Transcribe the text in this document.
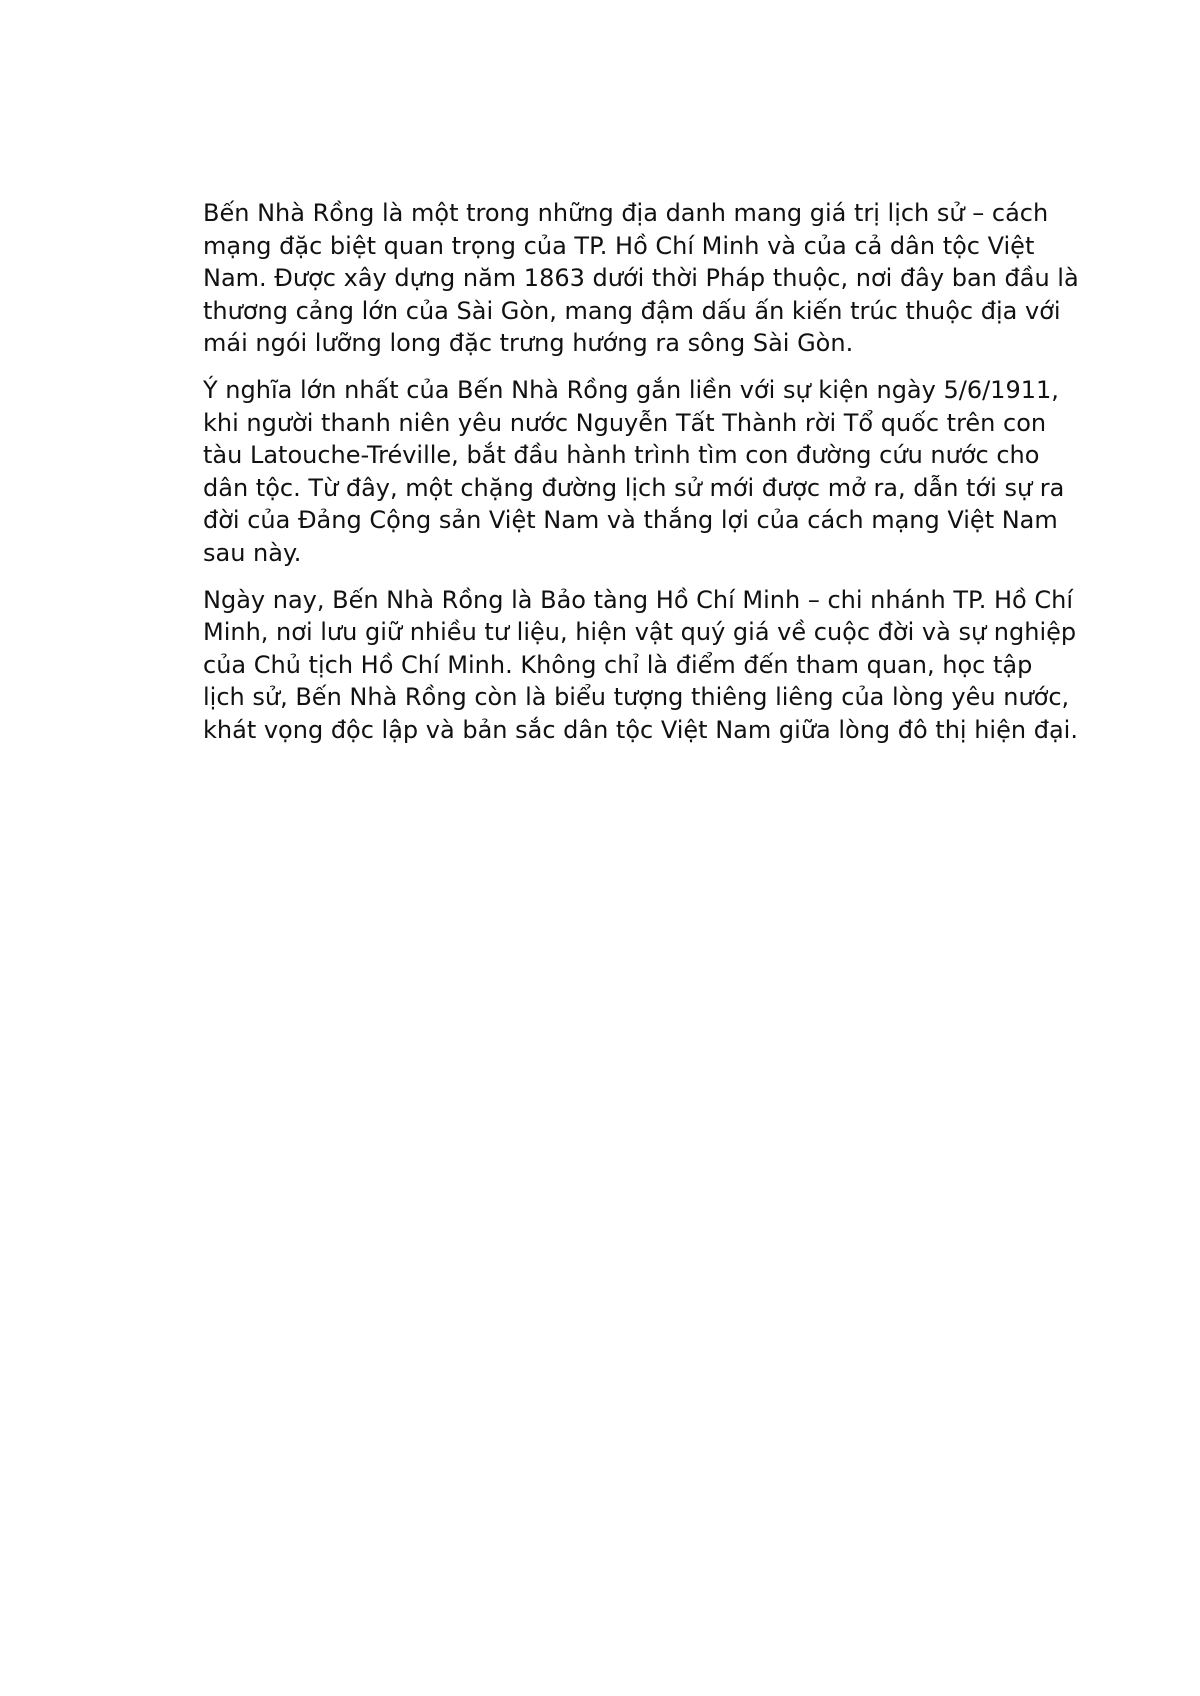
Bến Nhà Rồng là một trong những địa danh mang giá trị lịch sử – cách
mạng đặc biệt quan trọng của TP. Hồ Chí Minh và của cả dân tộc Việt
Nam. Được xây dựng năm 1863 dưới thời Pháp thuộc, nơi đây ban đầu là
thương cảng lớn của Sài Gòn, mang đậm dấu ấn kiến trúc thuộc địa với
mái ngói lưỡng long đặc trưng hướng ra sông Sài Gòn.

Ý nghĩa lớn nhất của Bến Nhà Rồng gắn liền với sự kiện ngày 5/6/1911,
khi người thanh niên yêu nước Nguyễn Tất Thành rời Tổ quốc trên con
tàu Latouche-Tréville, bắt đầu hành trình tìm con đường cứu nước cho
dân tộc. Từ đây, một chặng đường lịch sử mới được mở ra, dẫn tới sự ra
đời của Đảng Cộng sản Việt Nam và thắng lợi của cách mạng Việt Nam
sau này.

Ngày nay, Bến Nhà Rồng là Bảo tàng Hồ Chí Minh – chi nhánh TP. Hồ Chí
Minh, nơi lưu giữ nhiều tư liệu, hiện vật quý giá về cuộc đời và sự nghiệp
của Chủ tịch Hồ Chí Minh. Không chỉ là điểm đến tham quan, học tập
lịch sử, Bến Nhà Rồng còn là biểu tượng thiêng liêng của lòng yêu nước,
khát vọng độc lập và bản sắc dân tộc Việt Nam giữa lòng đô thị hiện đại.
